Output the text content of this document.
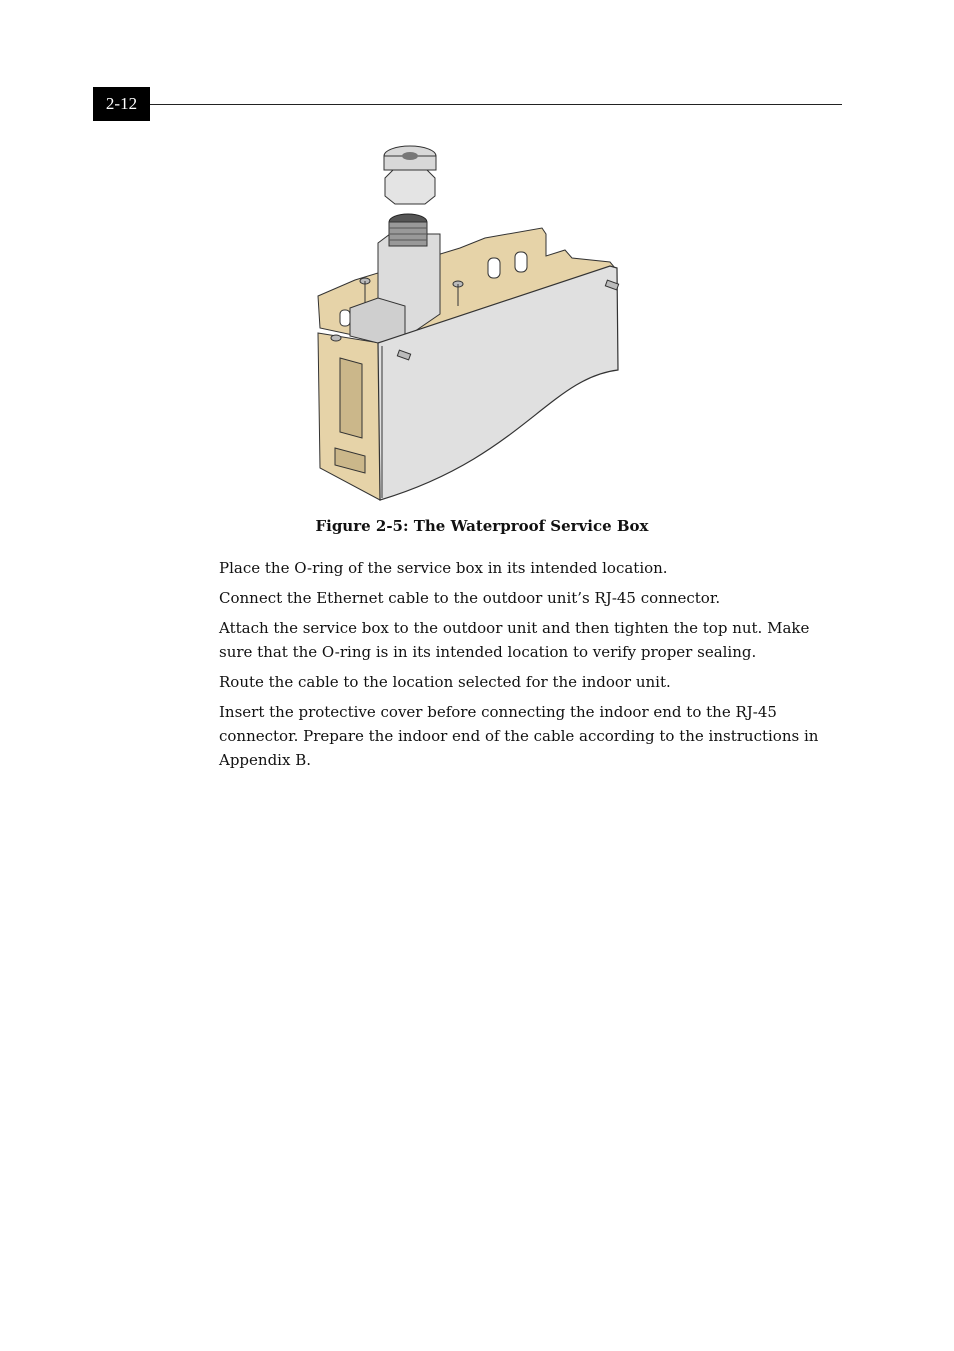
2-12
Figure 2-5: The Waterproof Service Box
Place the O-ring of the service box in its intended location.
Connect the Ethernet cable to the outdoor unit’s RJ-45 connector.
Attach the service box to the outdoor unit and then tighten the top nut. Make sure that the O-ring is in its intended location to verify proper sealing.
Route the cable to the location selected for the indoor unit.
Insert the protective cover before connecting the indoor end to the RJ-45 connector. Prepare the indoor end of the cable according to the instructions in Appendix B.
